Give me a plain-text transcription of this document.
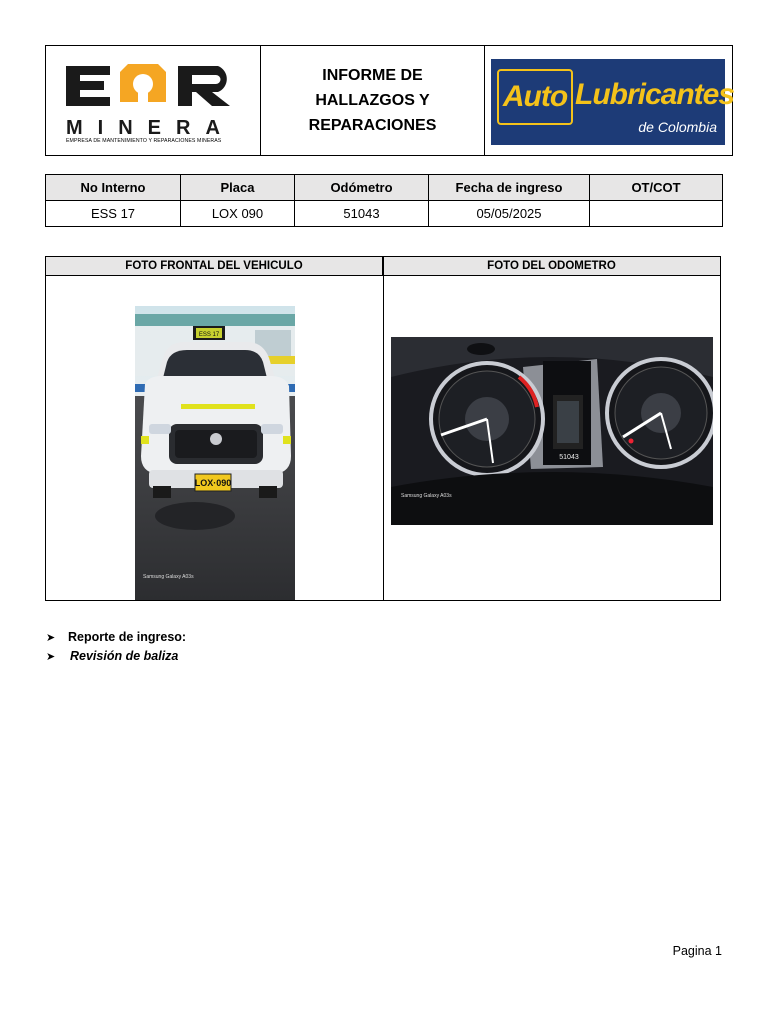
MINERA
EMPRESA DE MANTENIMIENTO Y REPARACIONES MINERAS
INFORME DE
HALLAZGOS Y
REPARACIONES
Auto Lubricantes
de Colombia
No Interno	Placa	Odómetro	Fecha de ingreso	OT/COT
ESS 17	LOX 090	51043	05/05/2025	
FOTO FRONTAL DEL VEHICULO	FOTO DEL ODOMETRO
ESS 17
LOX·090
Samsung Galaxy A03s
51043
Samsung Galaxy A03s
➤	Reporte de ingreso:
➤	Revisión de baliza
Pagina 1
